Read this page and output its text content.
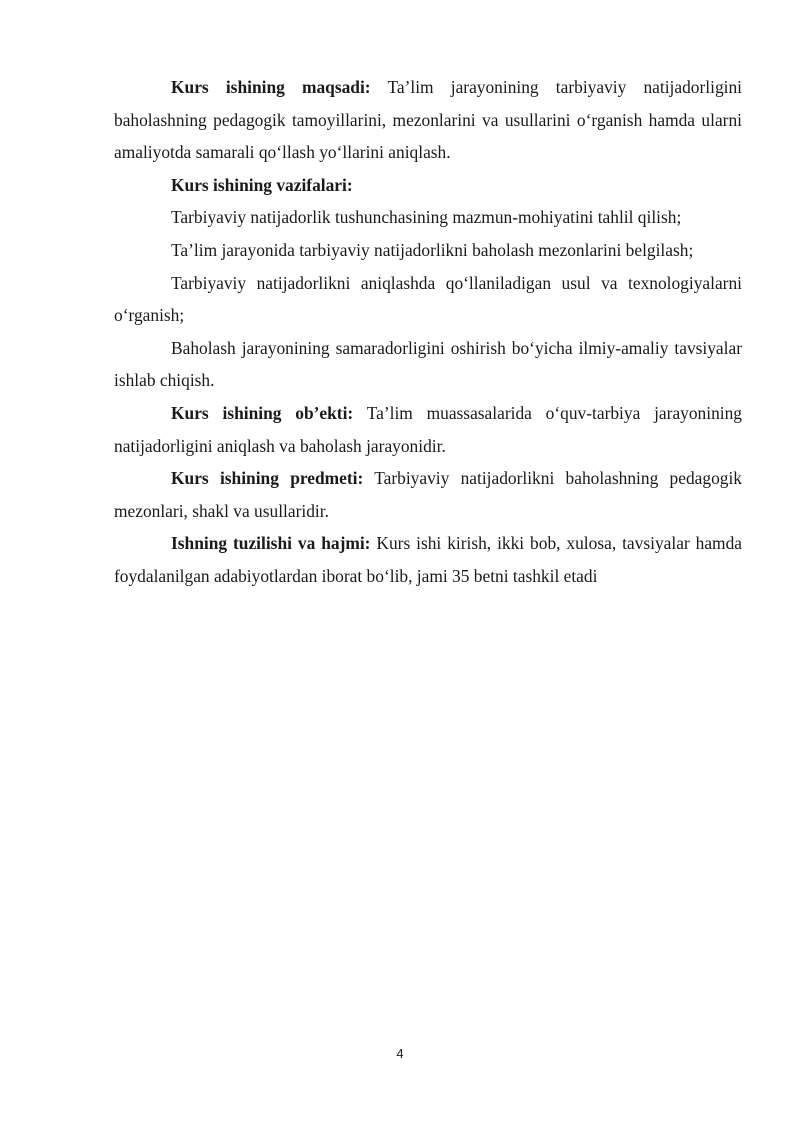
Kurs ishining maqsadi: Ta’lim jarayonining tarbiyaviy natijadorligini baholashning pedagogik tamoyillarini, mezonlarini va usullarini o‘rganish hamda ularni amaliyotda samarali qo‘llash yo‘llarini aniqlash.

Kurs ishining vazifalari:

Tarbiyaviy natijadorlik tushunchasining mazmun-mohiyatini tahlil qilish;

Ta’lim jarayonida tarbiyaviy natijadorlikni baholash mezonlarini belgilash;

Tarbiyaviy natijadorlikni aniqlashda qo‘llaniladigan usul va texnologiyalarni o‘rganish;

Baholash jarayonining samaradorligini oshirish bo‘yicha ilmiy-amaliy tavsiyalar ishlab chiqish.

Kurs ishining ob’ekti: Ta’lim muassasalarida o‘quv-tarbiya jarayonining natijadorligini aniqlash va baholash jarayonidir.

Kurs ishining predmeti: Tarbiyaviy natijadorlikni baholashning pedagogik mezonlari, shakl va usullaridir.

Ishning tuzilishi va hajmi: Kurs ishi kirish, ikki bob, xulosa, tavsiyalar hamda foydalanilgan adabiyotlardan iborat bo‘lib, jami 35 betni tashkil etadi

4
